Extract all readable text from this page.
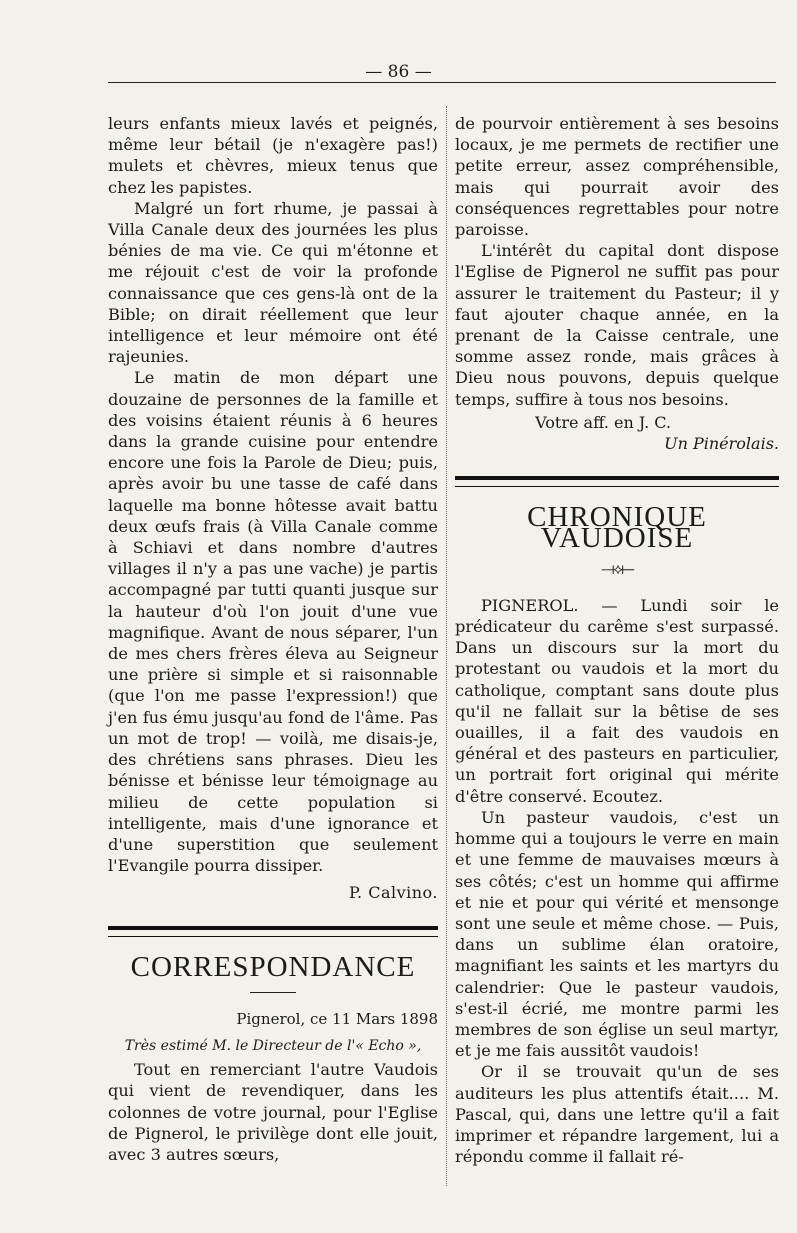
— 86 —

leurs enfants mieux lavés et peignés, même leur bétail (je n'exagère pas!) mulets et chèvres, mieux tenus que chez les papistes.

Malgré un fort rhume, je passai à Villa Canale deux des journées les plus bénies de ma vie. Ce qui m'étonne et me réjouit c'est de voir la profonde connaissance que ces gens-là ont de la Bible; on dirait réellement que leur intelligence et leur mémoire ont été rajeunies.

Le matin de mon départ une douzaine de personnes de la famille et des voisins étaient réunis à 6 heures dans la grande cuisine pour entendre encore une fois la Parole de Dieu; puis, après avoir bu une tasse de café dans laquelle ma bonne hôtesse avait battu deux œufs frais (à Villa Canale comme à Schiavi et dans nombre d'autres villages il n'y a pas une vache) je partis accompagné par tutti quanti jusque sur la hauteur d'où l'on jouit d'une vue magnifique. Avant de nous séparer, l'un de mes chers frères éleva au Seigneur une prière si simple et si raisonnable (que l'on me passe l'expression!) que j'en fus ému jusqu'au fond de l'âme. Pas un mot de trop! — voilà, me disais-je, des chrétiens sans phrases. Dieu les bénisse et bénisse leur témoignage au milieu de cette population si intelligente, mais d'une ignorance et d'une superstition que seulement l'Evangile pourra dissiper.

P. Calvino.
CORRESPONDANCE
Pignerol, ce 11 Mars 1898
Très estimé M. le Directeur de l'« Echo »,

Tout en remerciant l'autre Vaudois qui vient de revendiquer, dans les colonnes de votre journal, pour l'Eglise de Pignerol, le privilège dont elle jouit, avec 3 autres sœurs,

de pourvoir entièrement à ses besoins locaux, je me permets de rectifier une petite erreur, assez compréhensible, mais qui pourrait avoir des conséquences regrettables pour notre paroisse.

L'intérêt du capital dont dispose l'Eglise de Pignerol ne suffit pas pour assurer le traitement du Pasteur; il y faut ajouter chaque année, en la prenant de la Caisse centrale, une somme assez ronde, mais grâces à Dieu nous pouvons, depuis quelque temps, suffire à tous nos besoins.

Votre aff. en J. C.
Un Pinérolais.
CHRONIQUE VAUDOISE
⟞⟡⟝

PIGNEROL. — Lundi soir le prédicateur du carême s'est surpassé. Dans un discours sur la mort du protestant ou vaudois et la mort du catholique, comptant sans doute plus qu'il ne fallait sur la bêtise de ses ouailles, il a fait des vaudois en général et des pasteurs en particulier, un portrait fort original qui mérite d'être conservé. Ecoutez.

Un pasteur vaudois, c'est un homme qui a toujours le verre en main et une femme de mauvaises mœurs à ses côtés; c'est un homme qui affirme et nie et pour qui vérité et mensonge sont une seule et même chose. — Puis, dans un sublime élan oratoire, magnifiant les saints et les martyrs du calendrier: Que le pasteur vaudois, s'est-il écrié, me montre parmi les membres de son église un seul martyr, et je me fais aussitôt vaudois!

Or il se trouvait qu'un de ses auditeurs les plus attentifs était.... M. Pascal, qui, dans une lettre qu'il a fait imprimer et répandre largement, lui a répondu comme il fallait ré-
